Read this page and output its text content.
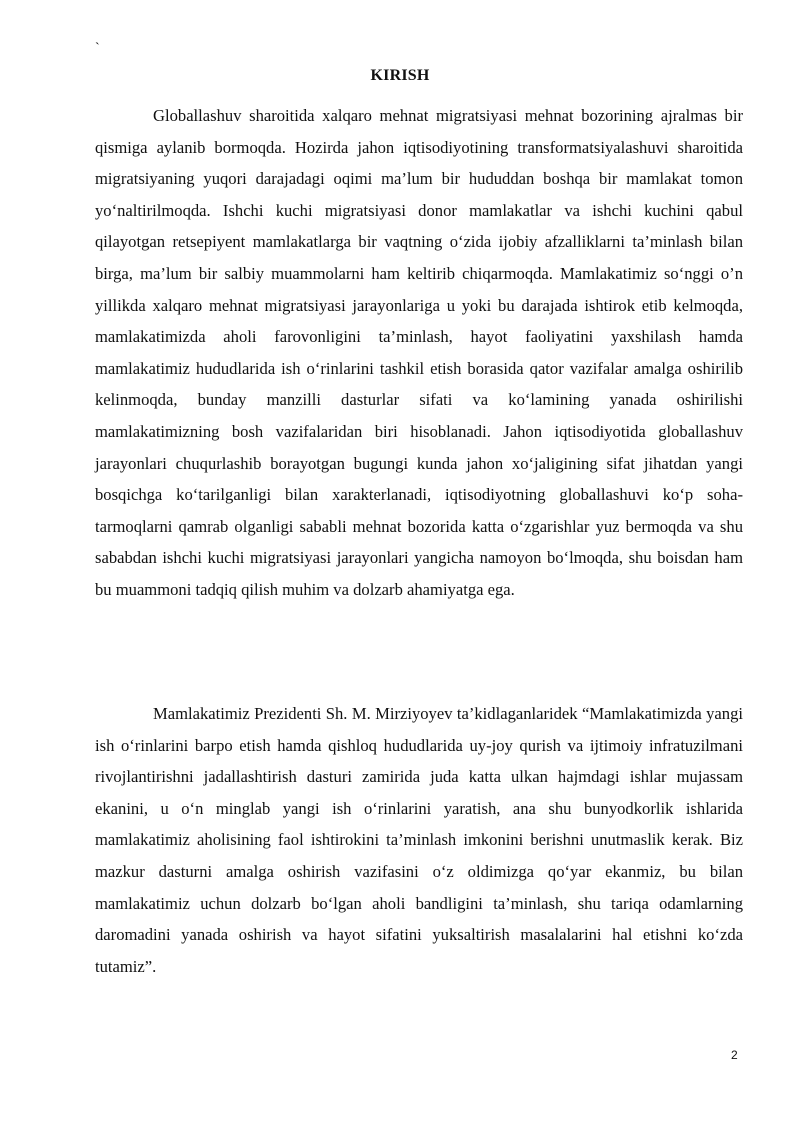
`
KIRISH

Globallashuv sharoitida xalqaro mehnat migratsiyasi mehnat bozorining ajralmas bir qismiga aylanib bormoqda. Hozirda jahon iqtisodiyotining transformatsiyalashuvi sharoitida migratsiyaning yuqori darajadagi oqimi ma’lum bir hududdan boshqa bir mamlakat tomon yo‘naltirilmoqda. Ishchi kuchi migratsiyasi donor mamlakatlar va ishchi kuchini qabul qilayotgan retsepiyent mamlakatlarga bir vaqtning o‘zida ijobiy afzalliklarni ta’minlash bilan birga, ma’lum bir salbiy muammolarni ham keltirib chiqarmoqda. Mamlakatimiz so‘nggi o’n yillikda xalqaro mehnat migratsiyasi jarayonlariga u yoki bu darajada ishtirok etib kelmoqda, mamlakatimizda aholi farovonligini ta’minlash, hayot faoliyatini yaxshilash hamda mamlakatimiz hududlarida ish o‘rinlarini tashkil etish borasida qator vazifalar amalga oshirilib kelinmoqda, bunday manzilli dasturlar sifati va ko‘lamining yanada oshirilishi mamlakatimizning bosh vazifalaridan biri hisoblanadi. Jahon iqtisodiyotida globallashuv jarayonlari chuqurlashib borayotgan bugungi kunda jahon xo‘jaligining sifat jihatdan yangi bosqichga ko‘tarilganligi bilan xarakterlanadi, iqtisodiyotning globallashuvi ko‘p soha-tarmoqlarni qamrab olganligi sababli mehnat bozorida katta o‘zgarishlar yuz bermoqda va shu sababdan ishchi kuchi migratsiyasi jarayonlari yangicha namoyon bo‘lmoqda, shu boisdan ham bu muammoni tadqiq qilish muhim va dolzarb ahamiyatga ega.

Mamlakatimiz Prezidenti Sh. M. Mirziyoyev ta’kidlaganlaridek “Mamlakatimizda yangi ish o‘rinlarini barpo etish hamda qishloq hududlarida uy-joy qurish va ijtimoiy infratuzilmani rivojlantirishni jadallashtirish dasturi zamirida juda katta ulkan hajmdagi ishlar mujassam ekanini, u o‘n minglab yangi ish o‘rinlarini yaratish, ana shu bunyodkorlik ishlarida mamlakatimiz aholisining faol ishtirokini ta’minlash imkonini berishni unutmaslik kerak. Biz mazkur dasturni amalga oshirish vazifasini o‘z oldimizga qo‘yar ekanmiz, bu bilan mamlakatimiz uchun dolzarb bo‘lgan aholi bandligini ta’minlash, shu tariqa odamlarning daromadini yanada oshirish va hayot sifatini yuksaltirish masalalarini hal etishni ko‘zda tutamiz”.

2
